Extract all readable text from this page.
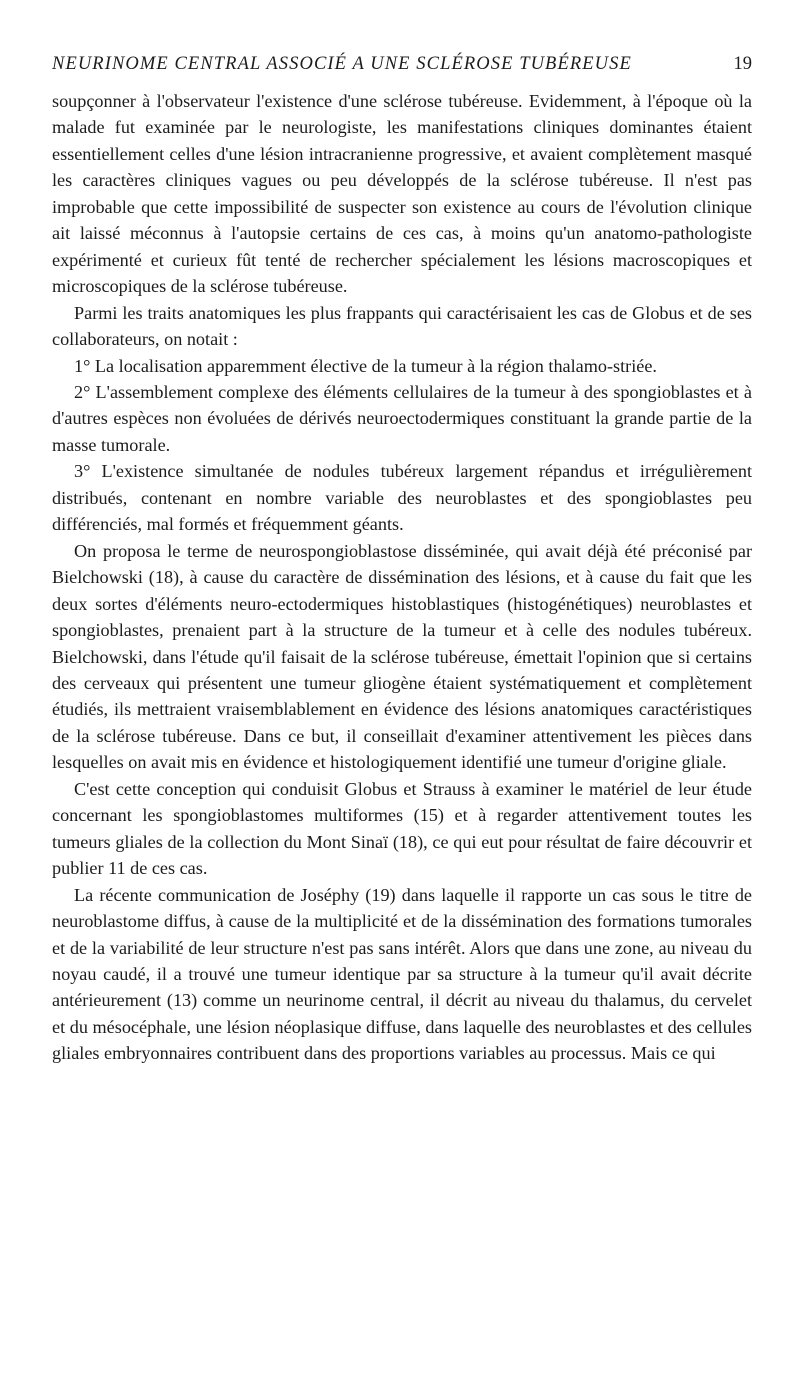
NEURINOME CENTRAL ASSOCIÉ A UNE SCLÉROSE TUBÉREUSE	19

soupçonner à l'observateur l'existence d'une sclérose tubéreuse. Evidemment, à l'époque où la malade fut examinée par le neurologiste, les manifestations cliniques dominantes étaient essentiellement celles d'une lésion intracranienne progressive, et avaient complètement masqué les caractères cliniques vagues ou peu développés de la sclérose tubéreuse. Il n'est pas improbable que cette impossibilité de suspecter son existence au cours de l'évolution clinique ait laissé méconnus à l'autopsie certains de ces cas, à moins qu'un anatomo-pathologiste expérimenté et curieux fût tenté de rechercher spécialement les lésions macroscopiques et microscopiques de la sclérose tubéreuse.

Parmi les traits anatomiques les plus frappants qui caractérisaient les cas de Globus et de ses collaborateurs, on notait :

1° La localisation apparemment élective de la tumeur à la région thalamo-striée.

2° L'assemblement complexe des éléments cellulaires de la tumeur à des spongioblastes et à d'autres espèces non évoluées de dérivés neuroectodermiques constituant la grande partie de la masse tumorale.

3° L'existence simultanée de nodules tubéreux largement répandus et irrégulièrement distribués, contenant en nombre variable des neuroblastes et des spongioblastes peu différenciés, mal formés et fréquemment géants.

On proposa le terme de neurospongioblastose disséminée, qui avait déjà été préconisé par Bielchowski (18), à cause du caractère de dissémination des lésions, et à cause du fait que les deux sortes d'éléments neuro-ectodermiques histoblastiques (histogénétiques) neuroblastes et spongioblastes, prenaient part à la structure de la tumeur et à celle des nodules tubéreux. Bielchowski, dans l'étude qu'il faisait de la sclérose tubéreuse, émettait l'opinion que si certains des cerveaux qui présentent une tumeur gliogène étaient systématiquement et complètement étudiés, ils mettraient vraisemblablement en évidence des lésions anatomiques caractéristiques de la sclérose tubéreuse. Dans ce but, il conseillait d'examiner attentivement les pièces dans lesquelles on avait mis en évidence et histologiquement identifié une tumeur d'origine gliale.

C'est cette conception qui conduisit Globus et Strauss à examiner le matériel de leur étude concernant les spongioblastomes multiformes (15) et à regarder attentivement toutes les tumeurs gliales de la collection du Mont Sinaï (18), ce qui eut pour résultat de faire découvrir et publier 11 de ces cas.

La récente communication de Joséphy (19) dans laquelle il rapporte un cas sous le titre de neuroblastome diffus, à cause de la multiplicité et de la dissémination des formations tumorales et de la variabilité de leur structure n'est pas sans intérêt. Alors que dans une zone, au niveau du noyau caudé, il a trouvé une tumeur identique par sa structure à la tumeur qu'il avait décrite antérieurement (13) comme un neurinome central, il décrit au niveau du thalamus, du cervelet et du mésocéphale, une lésion néoplasique diffuse, dans laquelle des neuroblastes et des cellules gliales embryonnaires contribuent dans des proportions variables au processus. Mais ce qui
